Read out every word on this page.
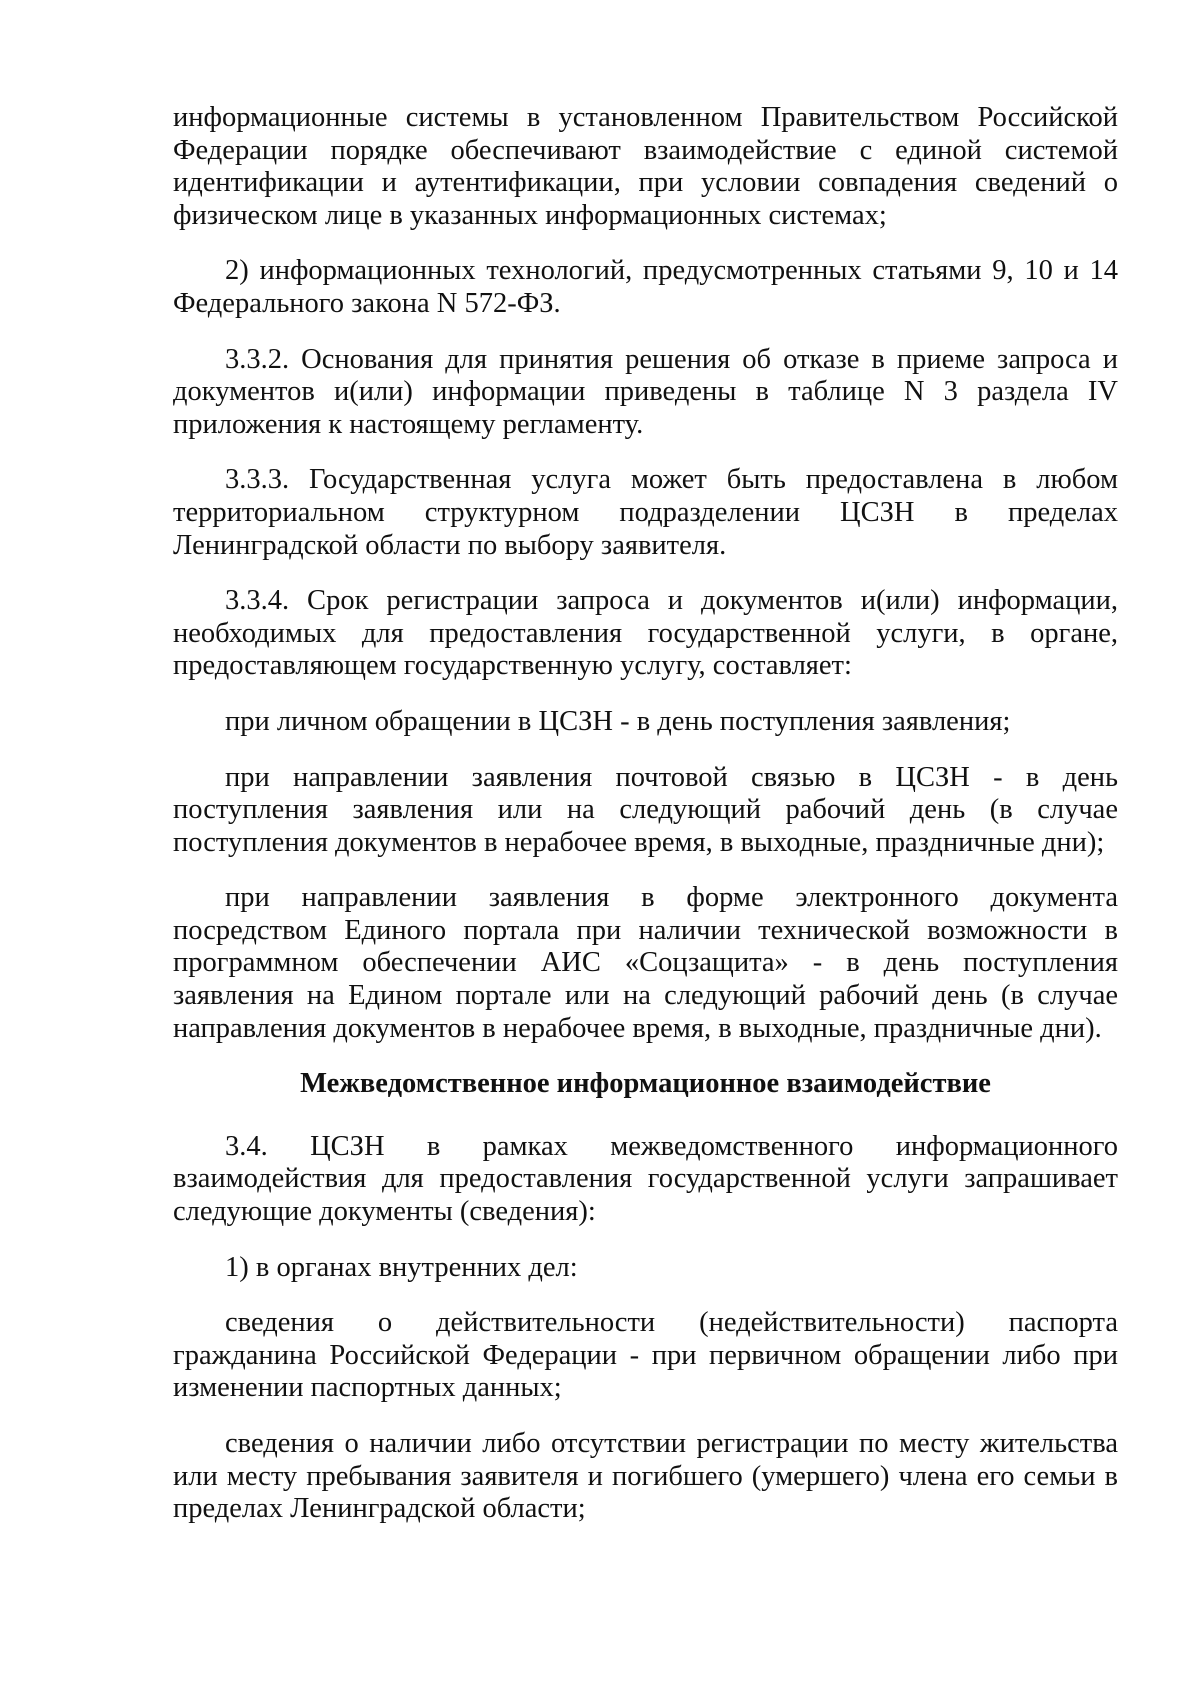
информационные системы в установленном Правительством Российской Федерации порядке обеспечивают взаимодействие с единой системой идентификации и аутентификации, при условии совпадения сведений о физическом лице в указанных информационных системах;

2) информационных технологий, предусмотренных статьями 9, 10 и 14 Федерального закона N 572-ФЗ.

3.3.2. Основания для принятия решения об отказе в приеме запроса и документов и(или) информации приведены в таблице N 3 раздела IV приложения к настоящему регламенту.

3.3.3. Государственная услуга может быть предоставлена в любом территориальном структурном подразделении ЦСЗН в пределах Ленинградской области по выбору заявителя.

3.3.4. Срок регистрации запроса и документов и(или) информации, необходимых для предоставления государственной услуги, в органе, предоставляющем государственную услугу, составляет:

при личном обращении в ЦСЗН - в день поступления заявления;

при направлении заявления почтовой связью в ЦСЗН - в день поступления заявления или на следующий рабочий день (в случае поступления документов в нерабочее время, в выходные, праздничные дни);

при направлении заявления в форме электронного документа посредством Единого портала при наличии технической возможности в программном обеспечении АИС «Соцзащита» - в день поступления заявления на Едином портале или на следующий рабочий день (в случае направления документов в нерабочее время, в выходные, праздничные дни).

Межведомственное информационное взаимодействие

3.4. ЦСЗН в рамках межведомственного информационного взаимодействия для предоставления государственной услуги запрашивает следующие документы (сведения):

1) в органах внутренних дел:

сведения о действительности (недействительности) паспорта гражданина Российской Федерации - при первичном обращении либо при изменении паспортных данных;

сведения о наличии либо отсутствии регистрации по месту жительства или месту пребывания заявителя и погибшего (умершего) члена его семьи в пределах Ленинградской области;
